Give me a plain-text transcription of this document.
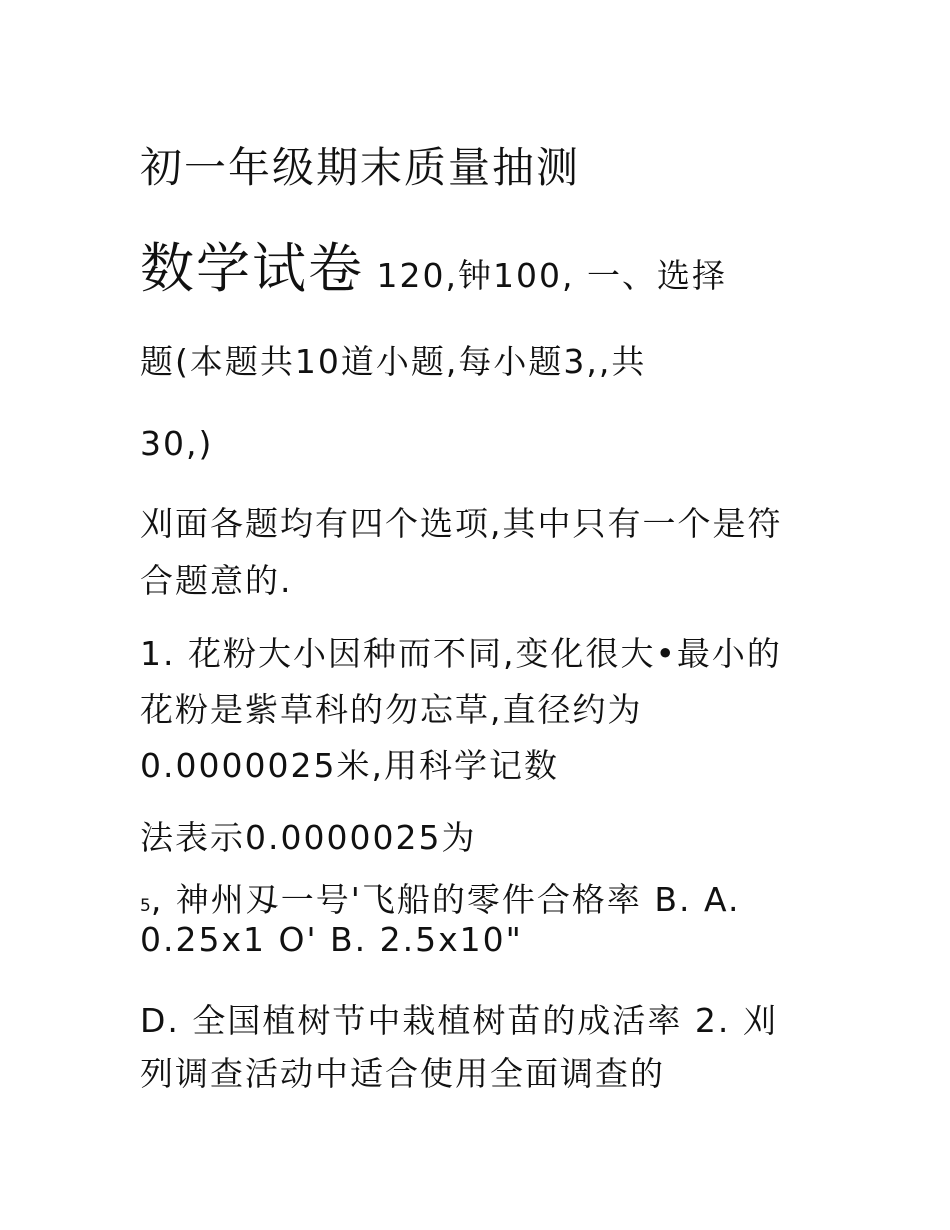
初一年级期末质量抽测
数学试卷 120,钟100, 一、选择
题(本题共10道小题,每小题3,,共
30,)
刈面各题均有四个选项,其中只有一个是符
合题意的.
1. 花粉大小因种而不同,变化很大•最小的
花粉是紫草科的勿忘草,直径约为
0.0000025米,用科学记数
法表示0.0000025为
5, 神州刄一号'飞船的零件合格率 B. A.
0.25x1 O' B. 2.5x10"
D. 全国植树节中栽植树苗的成活率 2. 刈
列调查活动中适合使用全面调查的
